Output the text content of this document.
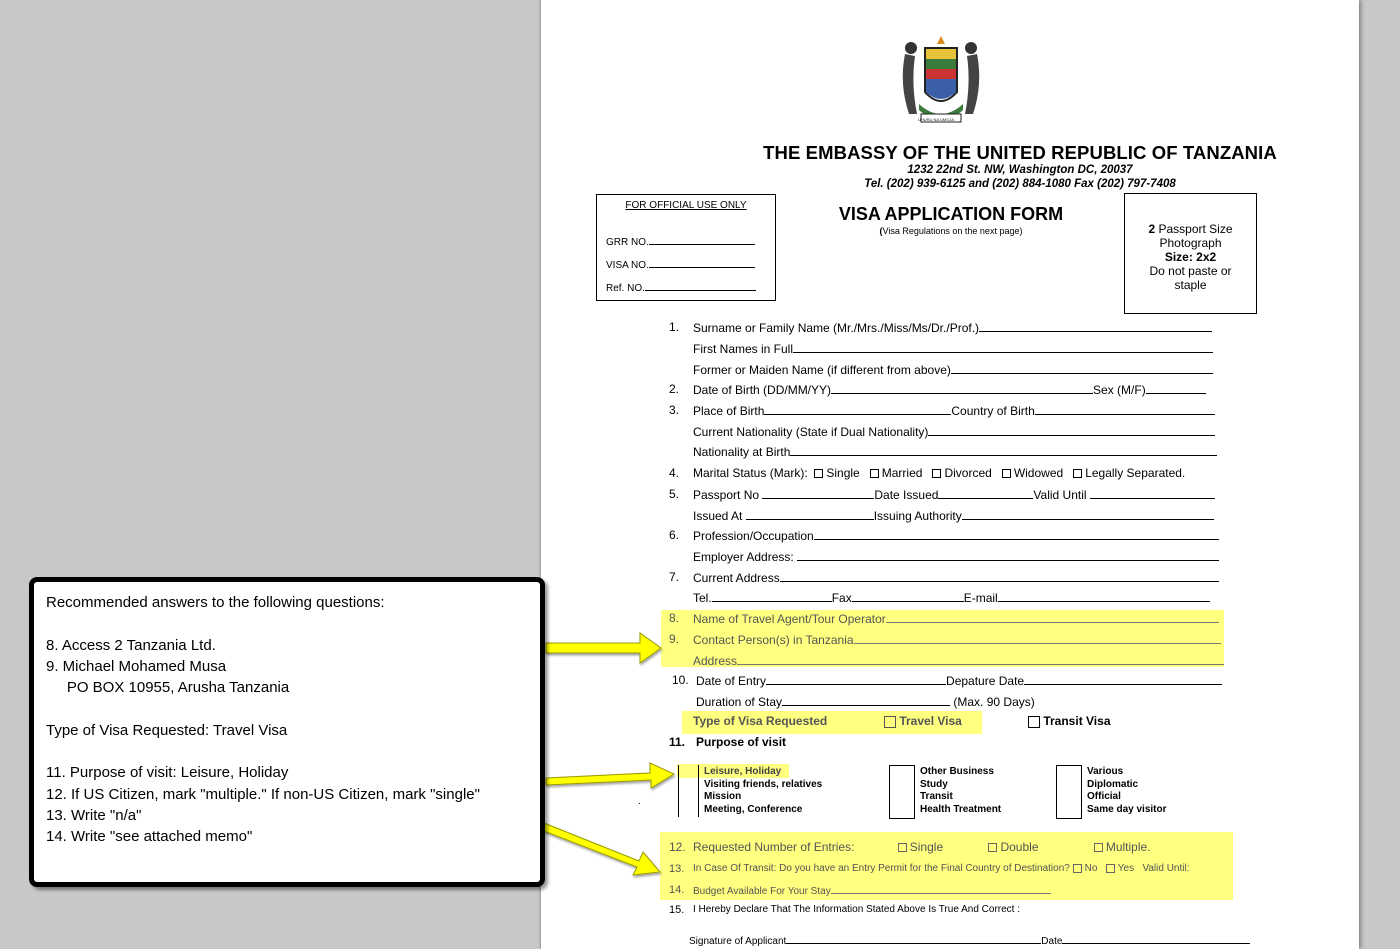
UHURU NA UMOJA
THE EMBASSY OF THE UNITED REPUBLIC OF TANZANIA
1232 22nd St. NW, Washington DC, 20037
Tel. (202) 939-6125 and (202) 884-1080 Fax (202) 797-7408
FOR OFFICIAL USE ONLY
GRR NO.
VISA NO.
Ref. NO.
VISA APPLICATION FORM
(Visa Regulations on the next page)	2 Passport Size
Photograph
Size: 2x2
Do not paste or
staple
1. Surname or Family Name (Mr./Mrs./Miss/Ms/Dr./Prof.)
First Names in Full
Former or Maiden Name (if different from above)
2. Date of Birth (DD/MM/YY)	Sex (M/F)
3. Place of Birth	Country of Birth
Current Nationality (State if Dual Nationality)
Nationality at Birth
4. Marital Status (Mark): Single Married Divorced Widowed Legally Separated.
5. Passport No	Date Issued	Valid Until
Issued At	Issuing Authority
6. Profession/Occupation
Employer Address:
7. Current Address
Tel.	Fax	E-mail
8. Name of Travel Agent/Tour Operator
9. Contact Person(s) in Tanzania
Address
10. Date of Entry	Depature Date
Duration of Stay	(Max. 90 Days)
Type of Visa Requested	Travel Visa	Transit Visa
11. Purpose of visit
Leisure, Holiday
Visiting friends, relatives
Mission
Meeting, Conference
Other Business
Study
Transit
Health Treatment
Various
Diplomatic
Official
Same day visitor
.
12. Requested Number of Entries:	Single	Double	Multiple.
13. In Case Of Transit: Do you have an Entry Permit for the Final Country of Destination? No Yes Valid Until:
14. Budget Available For Your Stay
15. I Hereby Declare That The Information Stated Above Is True And Correct :
Signature of Applicant	Date
Recommended answers to the following questions:
8. Access 2 Tanzania Ltd.
9. Michael Mohamed Musa
PO BOX 10955, Arusha Tanzania
Type of Visa Requested: Travel Visa
11. Purpose of visit: Leisure, Holiday
12. If US Citizen, mark "multiple." If non-US Citizen, mark "single"
13. Write "n/a"
14. Write "see attached memo"
